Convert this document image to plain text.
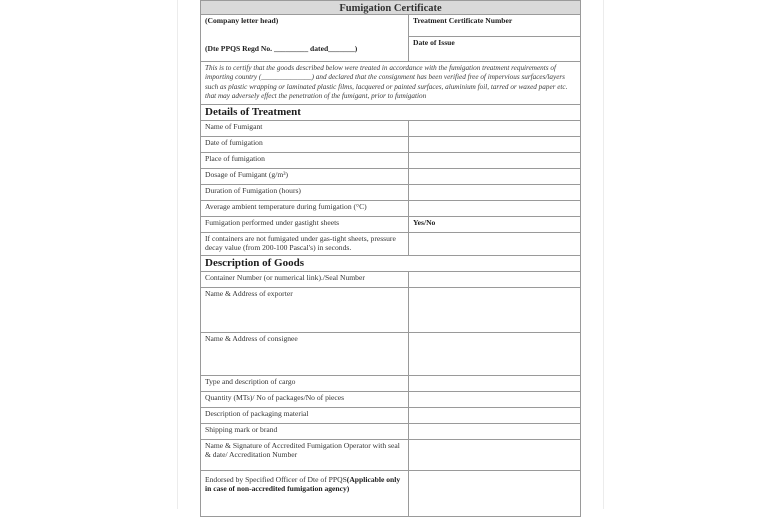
Fumigation Certificate	

(Company letter head)
(Dte PPQS Regd No. _________ dated_______)	Treatment Certificate Number
	Date of Issue
This is to certify that the goods described below were treated in accordance with the fumigation treatment requirements of importing country (______________) and declared that the consignment has been verified free of impervious surfaces/layers such as plastic wrapping or laminated plastic films, lacquered or painted surfaces, aluminium foil, tarred or waxed paper etc. that may adversely effect the penetration of the fumigant, prior to fumigation	
Details of Treatment	
Name of Fumigant	
Date of fumigation	
Place of fumigation	
Dosage of Fumigant (g/m³)	
Duration of Fumigation (hours)	
Average ambient temperature during fumigation (°C)	
Fumigation performed under gastight sheets	Yes/No
If containers are not fumigated under gas-tight sheets, pressure decay value (from 200-100 Pascal's) in seconds.	
Description of Goods	
Container Number (or numerical link)./Seal Number	
Name & Address of exporter	
Name & Address of consignee	
Type and description of cargo	
Quantity (MTs)/ No of packages/No of pieces	
Description of packaging material	
Shipping mark or brand	
Name & Signature of Accredited Fumigation Operator with seal & date/ Accreditation Number	
Endorsed by Specified Officer of Dte of PPQS(Applicable only in case of non-accredited fumigation agency)	
